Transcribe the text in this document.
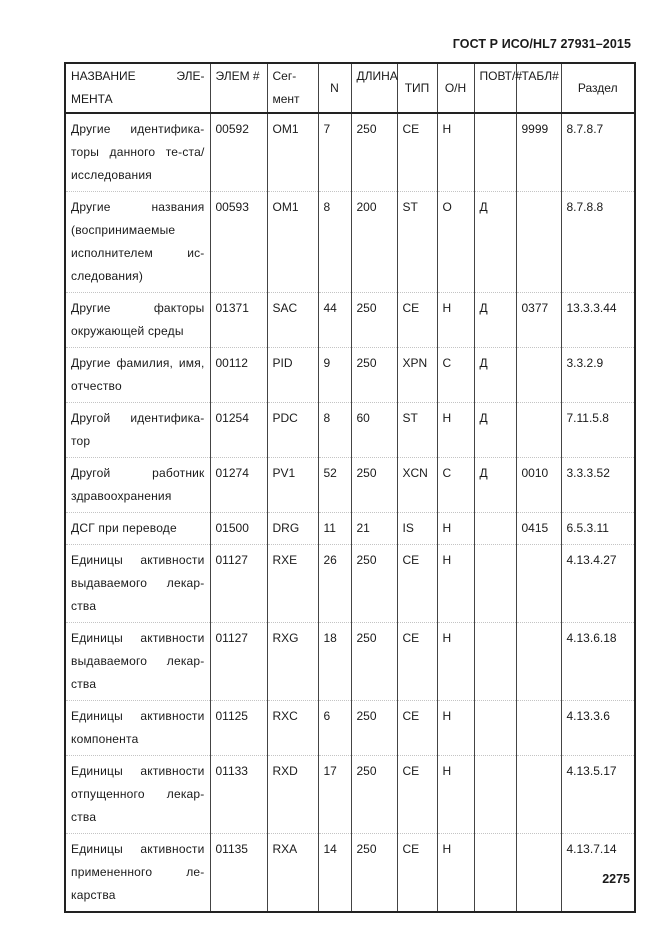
ГОСТ Р ИСО/HL7 27931–2015
НАЗВАНИЕ ЭЛЕ-МЕНТА	ЭЛЕМ #	Сег-мент	N	ДЛИНА	ТИП	О/Н	ПОВТ/#	ТАБЛ#	Раздел
Другие идентифика-торы данного те-ста/исследования	00592	OM1	7	250	CE	Н		9999	8.7.8.7
Другие названия (воспринимаемые исполнителем ис-следования)	00593	OM1	8	200	ST	О	Д		8.7.8.8
Другие факторы окружающей среды	01371	SAC	44	250	CE	Н	Д	0377	13.3.3.44
Другие фамилия, имя, отчество	00112	PID	9	250	XPN	С	Д		3.3.2.9
Другой идентифика-тор	01254	PDC	8	60	ST	Н	Д		7.11.5.8
Другой работник здравоохранения	01274	PV1	52	250	XCN	С	Д	0010	3.3.3.52
ДСГ при переводе	01500	DRG	11	21	IS	Н		0415	6.5.3.11
Единицы активности выдаваемого лекар-ства	01127	RXE	26	250	CE	Н			4.13.4.27
Единицы активности выдаваемого лекар-ства	01127	RXG	18	250	CE	Н			4.13.6.18
Единицы активности компонента	01125	RXC	6	250	CE	Н			4.13.3.6
Единицы активности отпущенного лекар-ства	01133	RXD	17	250	CE	Н			4.13.5.17
Единицы активности примененного ле-карства	01135	RXA	14	250	CE	Н			4.13.7.14
2275
